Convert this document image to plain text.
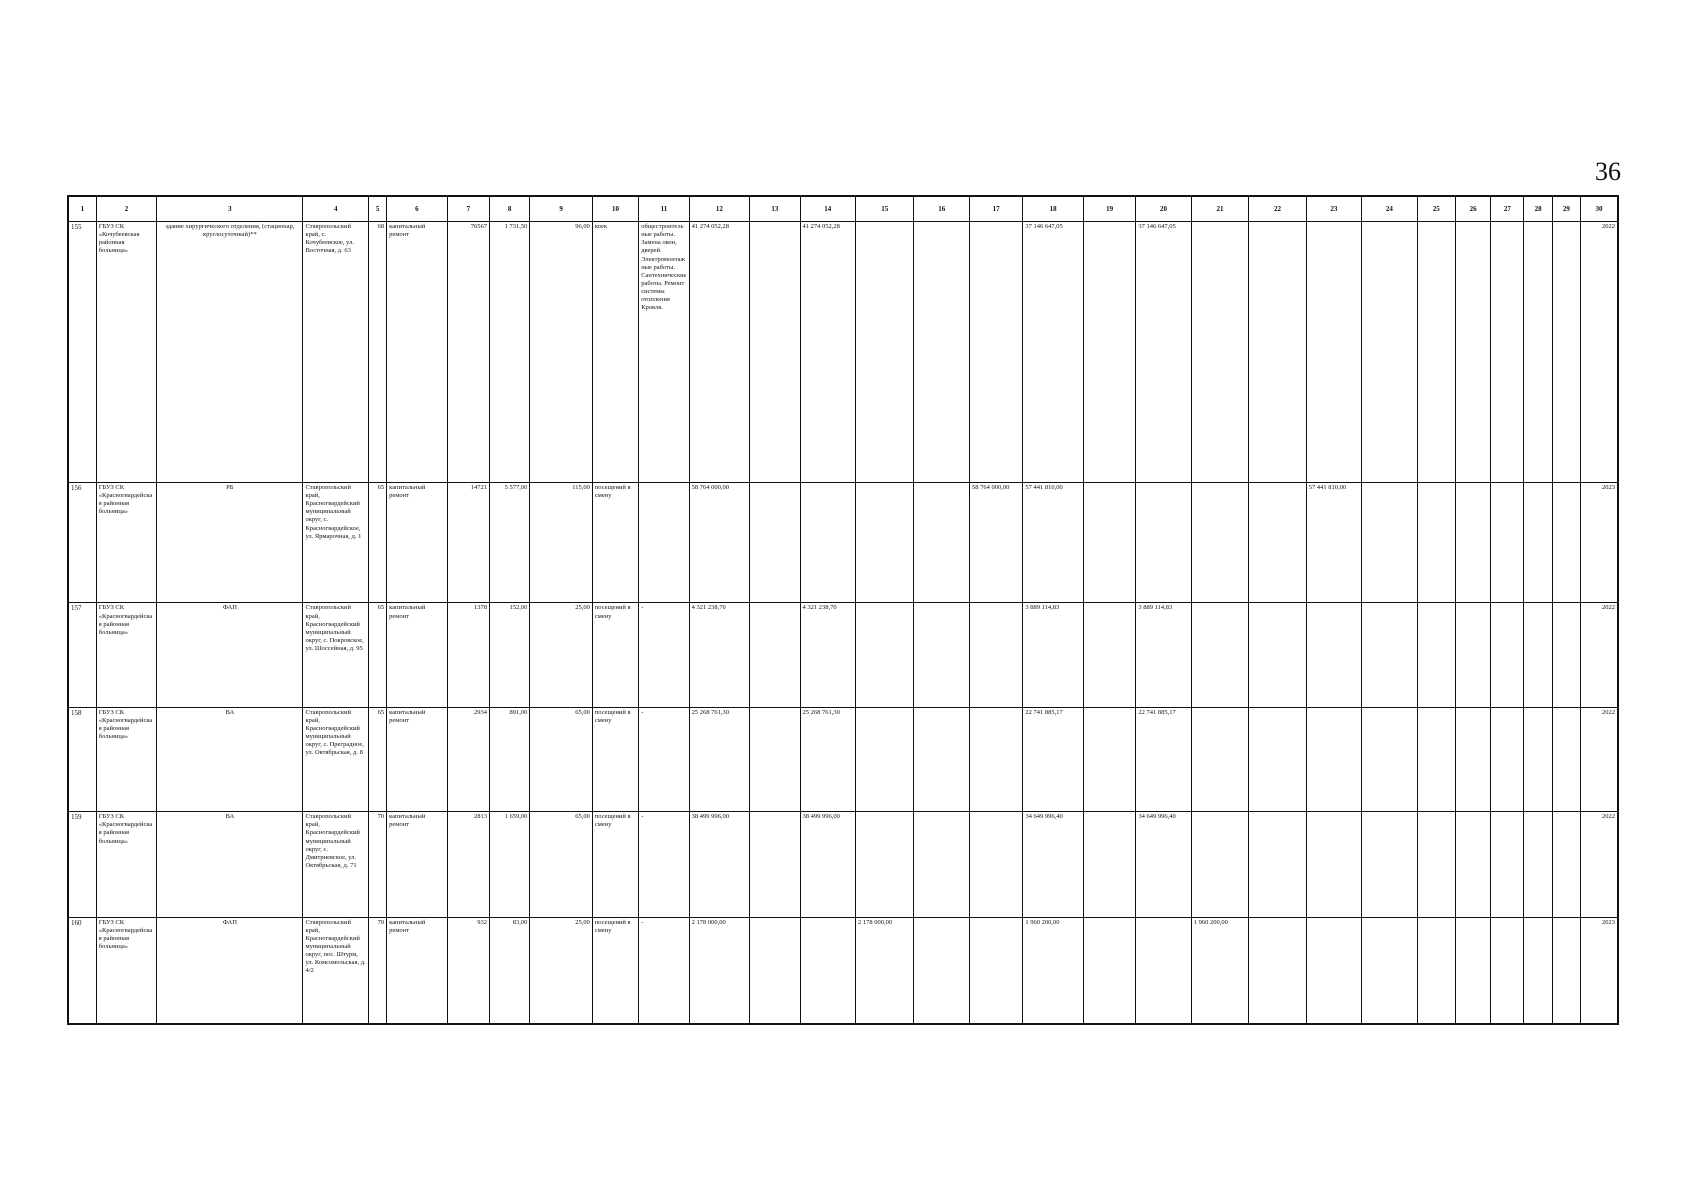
36
1	2	3	4	5	6	7	8	9	10	11	12	13	14	15	16	17	18	19	20	21	22	23	24	25	26	27	28	29	30
155	ГБУЗ СК «Кочубеевская районная больница»	здание хирургического отделения, (стационар, круглосуточный)**	Ставропольский край, с. Кочубеевское, ул. Восточная, д. 63	68	капитальный ремонт	76567	1 731,50	96,00	коек	общестроительные работы. Замена окон, дверей. Электромонтажные работы. Сантехнические работы. Ремонт системы отопления Кровля.	41 274 052,28		41 274 052,28				37 146 647,05		37 146 647,05										2022
156	ГБУЗ СК «Красногвардейская районная больница»	РБ	Ставропольский край, Красногвардейский муниципальный округ, с. Красногвардейское, ул. Ярмарочная, д. 1	65	капитальный ремонт	14721	5 577,00	115,00	посещений в смену		58 764 000,00					58 764 000,00	57 441 810,00					57 441 810,00							2023
157	ГБУЗ СК «Красногвардейская районная больница»	ФАП	Ставропольский край, Красногвардейский муниципальный округ, с. Покровское, ул. Шоссейная, д. 95	65	капитальный ремонт	1378	152,00	25,00	посещений в смену	-	4 321 238,70		4 321 238,70				3 889 114,83		3 889 114,83										2022
158	ГБУЗ СК «Красногвардейская районная больница»	ВА	Ставропольский край, Красногвардейский муниципальный округ, с. Преградное, ул. Октябрьская, д. 8	65	капитальный ремонт	2934	891,00	65,00	посещений в смену	-	25 268 761,30		25 268 761,30				22 741 885,17		22 741 885,17										2022
159	ГБУЗ СК «Красногвардейская районная больница»	ВА	Ставропольский край, Красногвардейский муниципальный округ, с. Дмитриевское, ул. Октябрьская, д. 71	70	капитальный ремонт	2813	1 659,00	65,00	посещений в смену	-	38 499 996,00		38 499 996,00				34 649 996,40		34 649 996,40										2022
160	ГБУЗ СК «Красногвардейская районная больница»	ФАП	Ставропольский край, Красногвардейский муниципальный округ, пос. Штурм, ул. Комсомольская, д. 4/2	70	капитальный ремонт	932	83,00	25,00	посещений в смену	-	2 178 000,00			2 178 000,00			1 960 200,00			1 960 200,00									2023
